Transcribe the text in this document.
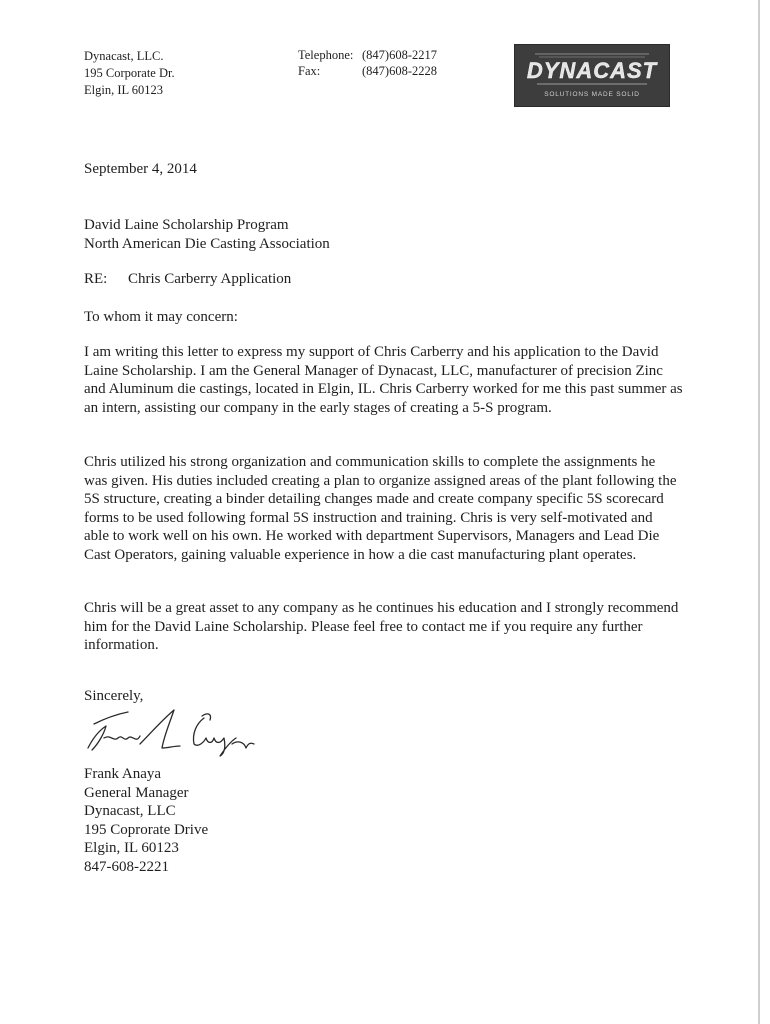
Dynacast, LLC.
195 Corporate Dr.
Elgin, IL 60123
Telephone: (847)608-2217
Fax:	(847)608-2228	DYNACAST
SOLUTIONS MADE SOLID
September 4, 2014
David Laine Scholarship Program
North American Die Casting Association
RE: Chris Carberry Application
To whom it may concern:
I am writing this letter to express my support of Chris Carberry and his application to the David Laine Scholarship. I am the General Manager of Dynacast, LLC, manufacturer of precision Zinc and Aluminum die castings, located in Elgin, IL. Chris Carberry worked for me this past summer as an intern, assisting our company in the early stages of creating a 5-S program.
Chris utilized his strong organization and communication skills to complete the assignments he was given. His duties included creating a plan to organize assigned areas of the plant following the 5S structure, creating a binder detailing changes made and create company specific 5S scorecard forms to be used following formal 5S instruction and training. Chris is very self-motivated and able to work well on his own. He worked with department Supervisors, Managers and Lead Die Cast Operators, gaining valuable experience in how a die cast manufacturing plant operates.
Chris will be a great asset to any company as he continues his education and I strongly recommend him for the David Laine Scholarship. Please feel free to contact me if you require any further information.
Sincerely,
Frank Anaya
General Manager
Dynacast, LLC
195 Coprorate Drive
Elgin, IL 60123
847-608-2221
